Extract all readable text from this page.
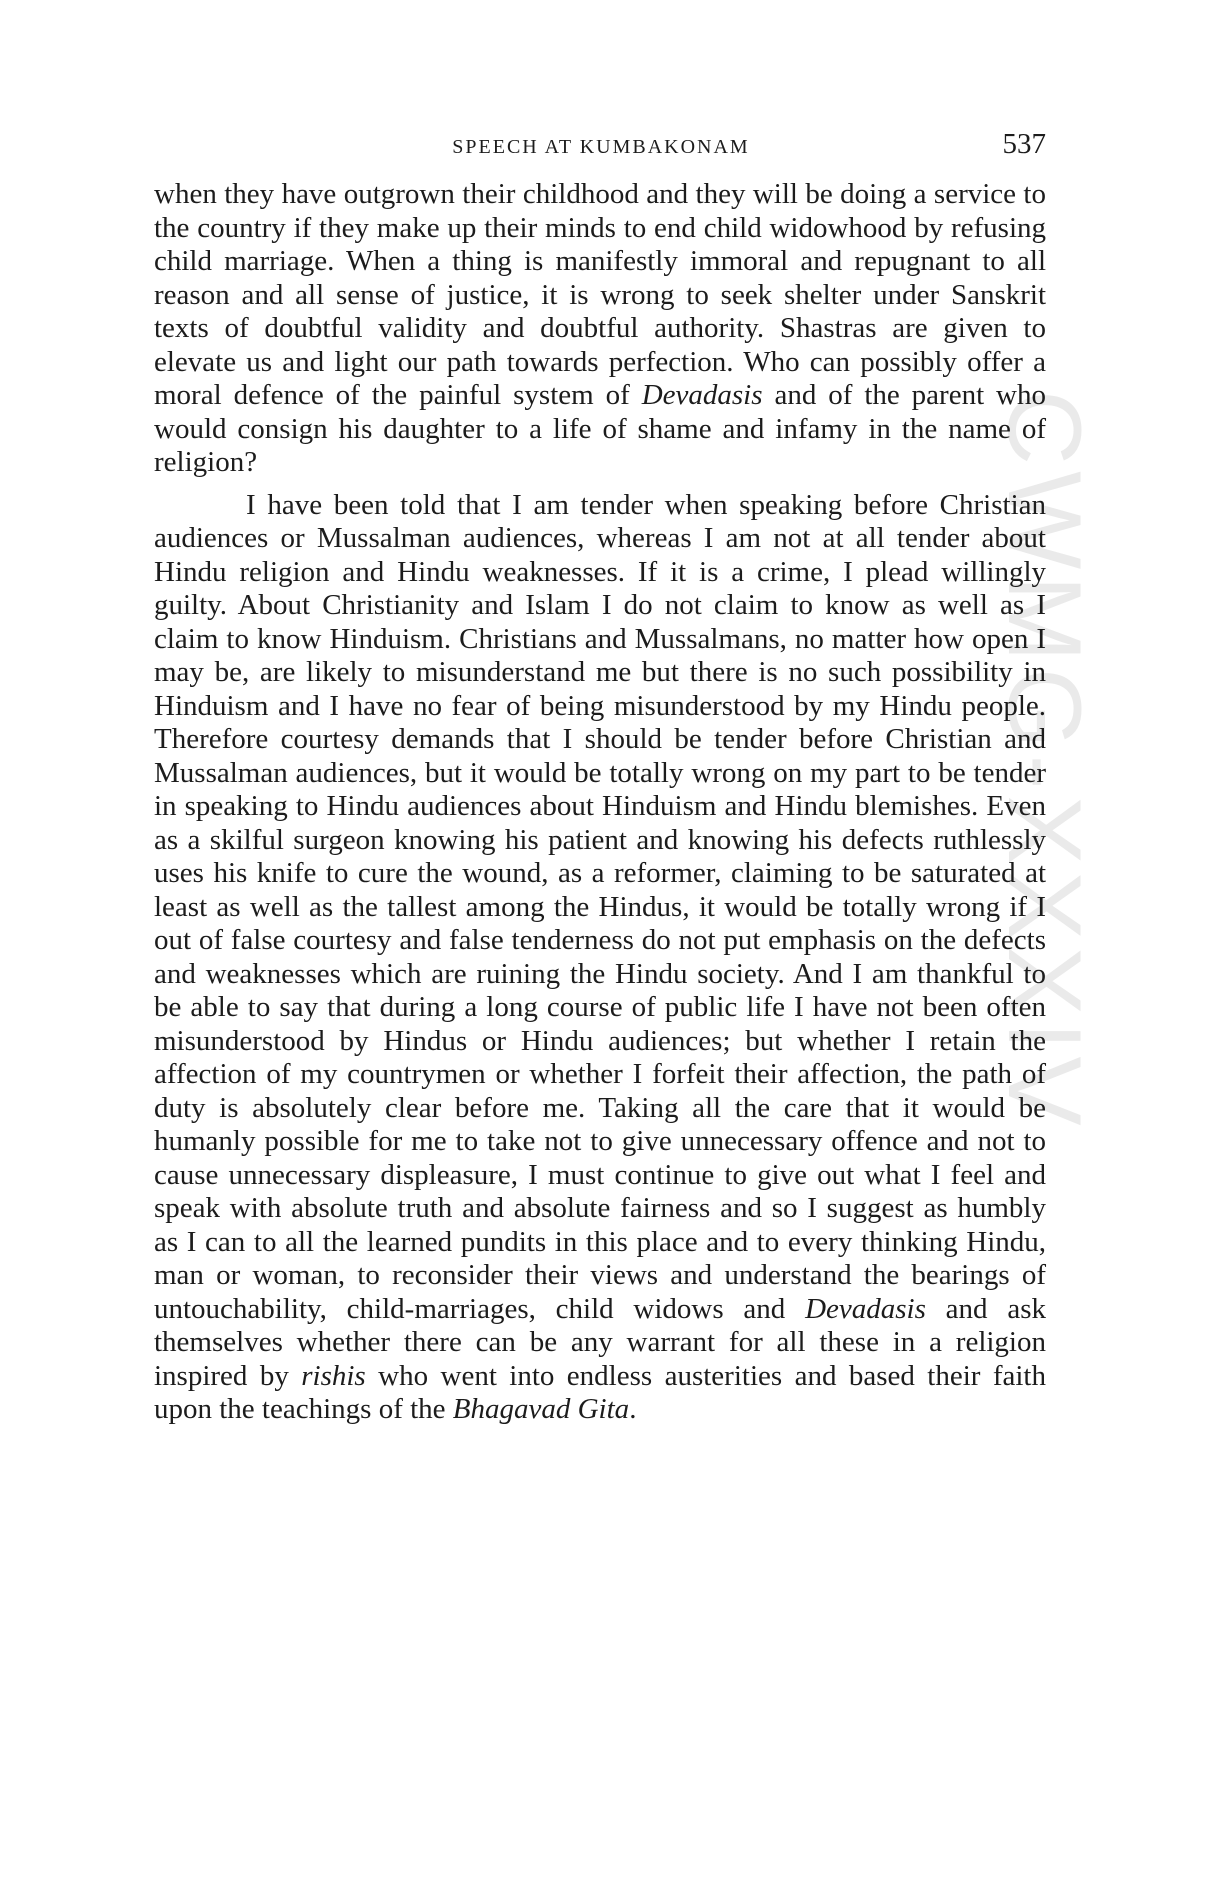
SPEECH AT KUMBAKONAM	537
CWMG-XXXIV

when they have outgrown their childhood and they will be doing a service to the country if they make up their minds to end child widowhood by refusing child marriage. When a thing is manifestly immoral and repugnant to all reason and all sense of justice, it is wrong to seek shelter under Sanskrit texts of doubtful validity and doubtful authority. Shastras are given to elevate us and light our path towards perfection. Who can possibly offer a moral defence of the painful system of Devadasis and of the parent who would consign his daughter to a life of shame and infamy in the name of religion?

I have been told that I am tender when speaking before Christian audiences or Mussalman audiences, whereas I am not at all tender about Hindu religion and Hindu weaknesses. If it is a crime, I plead willingly guilty. About Christianity and Islam I do not claim to know as well as I claim to know Hinduism. Christians and Mussalmans, no matter how open I may be, are likely to misunderstand me but there is no such possibility in Hinduism and I have no fear of being misunderstood by my Hindu people. Therefore courtesy demands that I should be tender before Christian and Mussalman audiences, but it would be totally wrong on my part to be tender in speaking to Hindu audiences about Hinduism and Hindu blemishes. Even as a skilful surgeon knowing his patient and knowing his defects ruthlessly uses his knife to cure the wound, as a reformer, claiming to be saturated at least as well as the tallest among the Hindus, it would be totally wrong if I out of false courtesy and false tenderness do not put emphasis on the defects and weaknesses which are ruining the Hindu society. And I am thankful to be able to say that during a long course of public life I have not been often misunderstood by Hindus or Hindu audiences; but whether I retain the affection of my countrymen or whether I forfeit their affection, the path of duty is absolutely clear before me. Taking all the care that it would be humanly possible for me to take not to give unnecessary offence and not to cause unnecessary displeasure, I must continue to give out what I feel and speak with absolute truth and absolute fairness and so I suggest as humbly as I can to all the learned pundits in this place and to every thinking Hindu, man or woman, to reconsider their views and understand the bearings of untouchability, child-marriages, child widows and Devadasis and ask themselves whether there can be any warrant for all these in a religion inspired by rishis who went into endless austerities and based their faith upon the teachings of the Bhagavad Gita.
